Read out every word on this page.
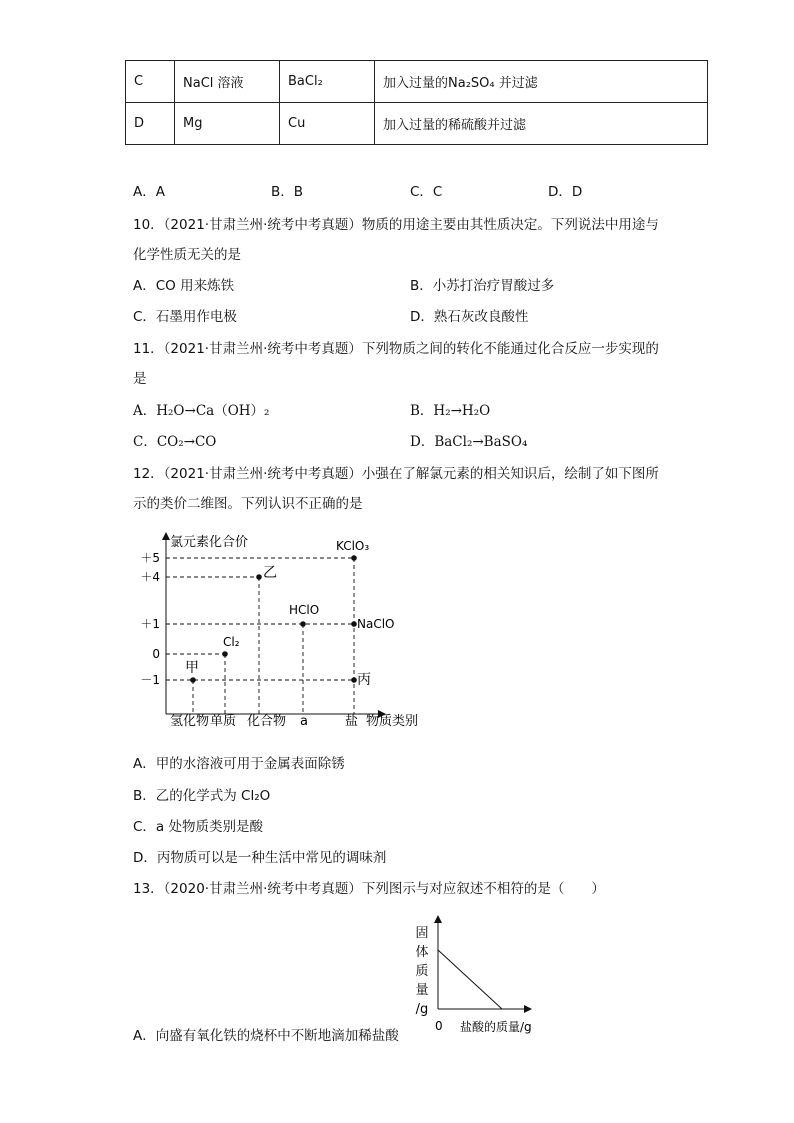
C	NaCl 溶液	BaCl₂	加入过量的Na₂SO₄ 并过滤
D	Mg	Cu	加入过量的稀硫酸并过滤
A．A	B．B	C．C	D．D
10．（2021·甘肃兰州·统考中考真题）物质的用途主要由其性质决定。下列说法中用途与
化学性质无关的是
A．CO 用来炼铁	B．小苏打治疗胃酸过多
C．石墨用作电极	D．熟石灰改良酸性
11．（2021·甘肃兰州·统考中考真题）下列物质之间的转化不能通过化合反应一步实现的
是
A．H₂O→Ca（OH）₂	B．H₂→H₂O
C．CO₂→CO	D．BaCl₂→BaSO₄
12．（2021·甘肃兰州·统考中考真题）小强在了解氯元素的相关知识后，绘制了如下图所
示的类价二维图。下列认识不正确的是
＋5
＋4
＋1
0
－1
氢化物 单质 化合物 a	盐
甲
Cl₂
乙
HClO
KClO₃
NaClO
丙
氯元素化合价
物质类别
A．甲的水溶液可用于金属表面除锈
B．乙的化学式为 Cl₂O
C．a 处物质类别是酸
D．丙物质可以是一种生活中常见的调味剂
13．（2020·甘肃兰州·统考中考真题）下列图示与对应叙述不相符的是（　　）
固
体
质
量
/g
0 盐酸的质量/g
A．向盛有氧化铁的烧杯中不断地滴加稀盐酸
